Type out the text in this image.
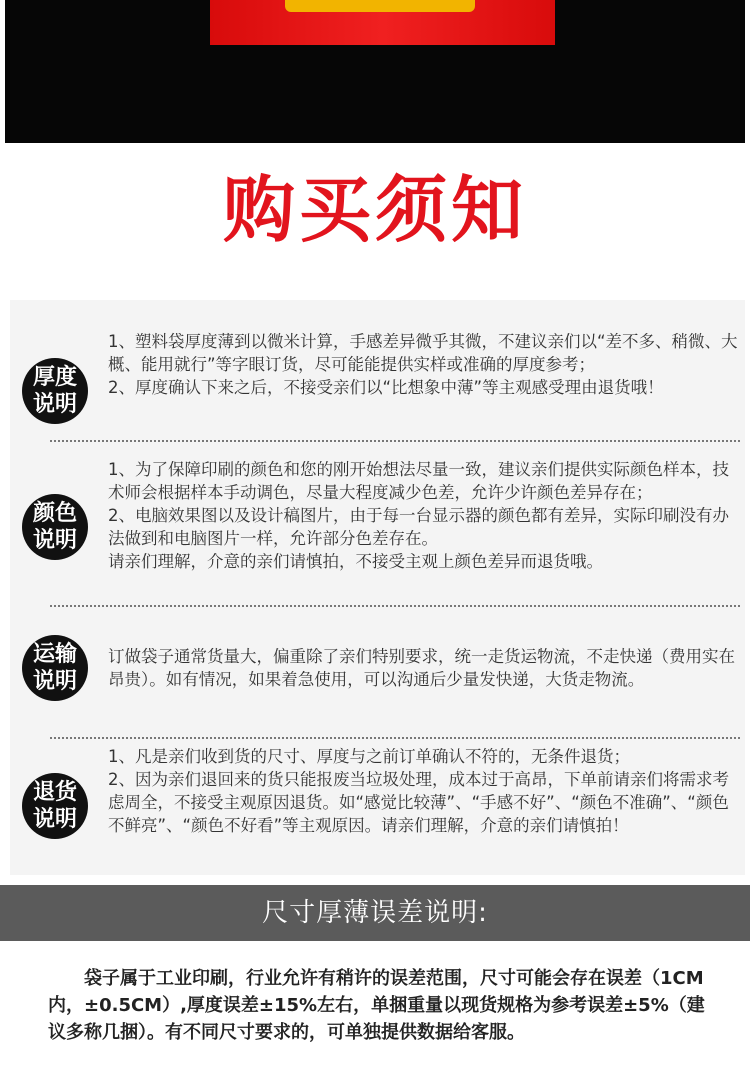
购买须知
厚度说明

1、塑料袋厚度薄到以微米计算，手感差异微乎其微，不建议亲们以“差不多、稍微、大概、能用就行”等字眼订货，尽可能能提供实样或准确的厚度参考；

2、厚度确认下来之后，不接受亲们以“比想象中薄”等主观感受理由退货哦！

颜色说明

1、为了保障印刷的颜色和您的刚开始想法尽量一致，建议亲们提供实际颜色样本，技术师会根据样本手动调色，尽量大程度减少色差，允许少许颜色差异存在；

2、电脑效果图以及设计稿图片，由于每一台显示器的颜色都有差异，实际印刷没有办法做到和电脑图片一样，允许部分色差存在。

请亲们理解，介意的亲们请慎拍，不接受主观上颜色差异而退货哦。

运输说明

订做袋子通常货量大，偏重除了亲们特别要求，统一走货运物流，不走快递（费用实在昂贵）。如有情况，如果着急使用，可以沟通后少量发快递，大货走物流。

退货说明

1、凡是亲们收到货的尺寸、厚度与之前订单确认不符的，无条件退货；

2、因为亲们退回来的货只能报废当垃圾处理，成本过于高昂，下单前请亲们将需求考虑周全，不接受主观原因退货。如“感觉比较薄”、“手感不好”、“颜色不准确”、“颜色不鲜亮”、“颜色不好看”等主观原因。请亲们理解，介意的亲们请慎拍！

尺寸厚薄误差说明:
袋子属于工业印刷，行业允许有稍许的误差范围，尺寸可能会存在误差（1CM内，±0.5CM）,厚度误差±15%左右，单捆重量以现货规格为参考误差±5%（建议多称几捆）。有不同尺寸要求的，可单独提供数据给客服。
